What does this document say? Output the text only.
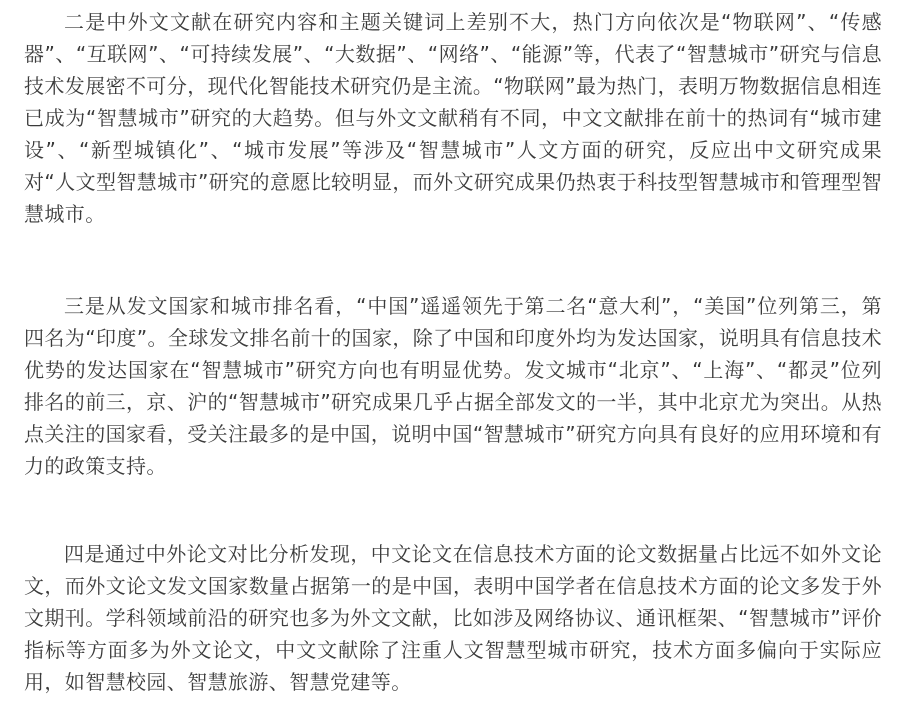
二是中外文文献在研究内容和主题关键词上差别不大，热门方向依次是“物联网”、“传感器”、“互联网”、“可持续发展”、“大数据”、“网络”、“能源”等，代表了“智慧城市”研究与信息技术发展密不可分，现代化智能技术研究仍是主流。“物联网”最为热门，表明万物数据信息相连已成为“智慧城市”研究的大趋势。但与外文文献稍有不同，中文文献排在前十的热词有“城市建设”、“新型城镇化”、“城市发展”等涉及“智慧城市”人文方面的研究，反应出中文研究成果对“人文型智慧城市”研究的意愿比较明显，而外文研究成果仍热衷于科技型智慧城市和管理型智慧城市。

三是从发文国家和城市排名看，“中国”遥遥领先于第二名“意大利”，“美国”位列第三，第四名为“印度”。全球发文排名前十的国家，除了中国和印度外均为发达国家，说明具有信息技术优势的发达国家在“智慧城市”研究方向也有明显优势。发文城市“北京”、“上海”、“都灵”位列排名的前三，京、沪的“智慧城市”研究成果几乎占据全部发文的一半，其中北京尤为突出。从热点关注的国家看，受关注最多的是中国，说明中国“智慧城市”研究方向具有良好的应用环境和有力的政策支持。

四是通过中外论文对比分析发现，中文论文在信息技术方面的论文数据量占比远不如外文论文，而外文论文发文国家数量占据第一的是中国，表明中国学者在信息技术方面的论文多发于外文期刊。学科领域前沿的研究也多为外文文献，比如涉及网络协议、通讯框架、“智慧城市”评价指标等方面多为外文论文，中文文献除了注重人文智慧型城市研究，技术方面多偏向于实际应用，如智慧校园、智慧旅游、智慧党建等。
